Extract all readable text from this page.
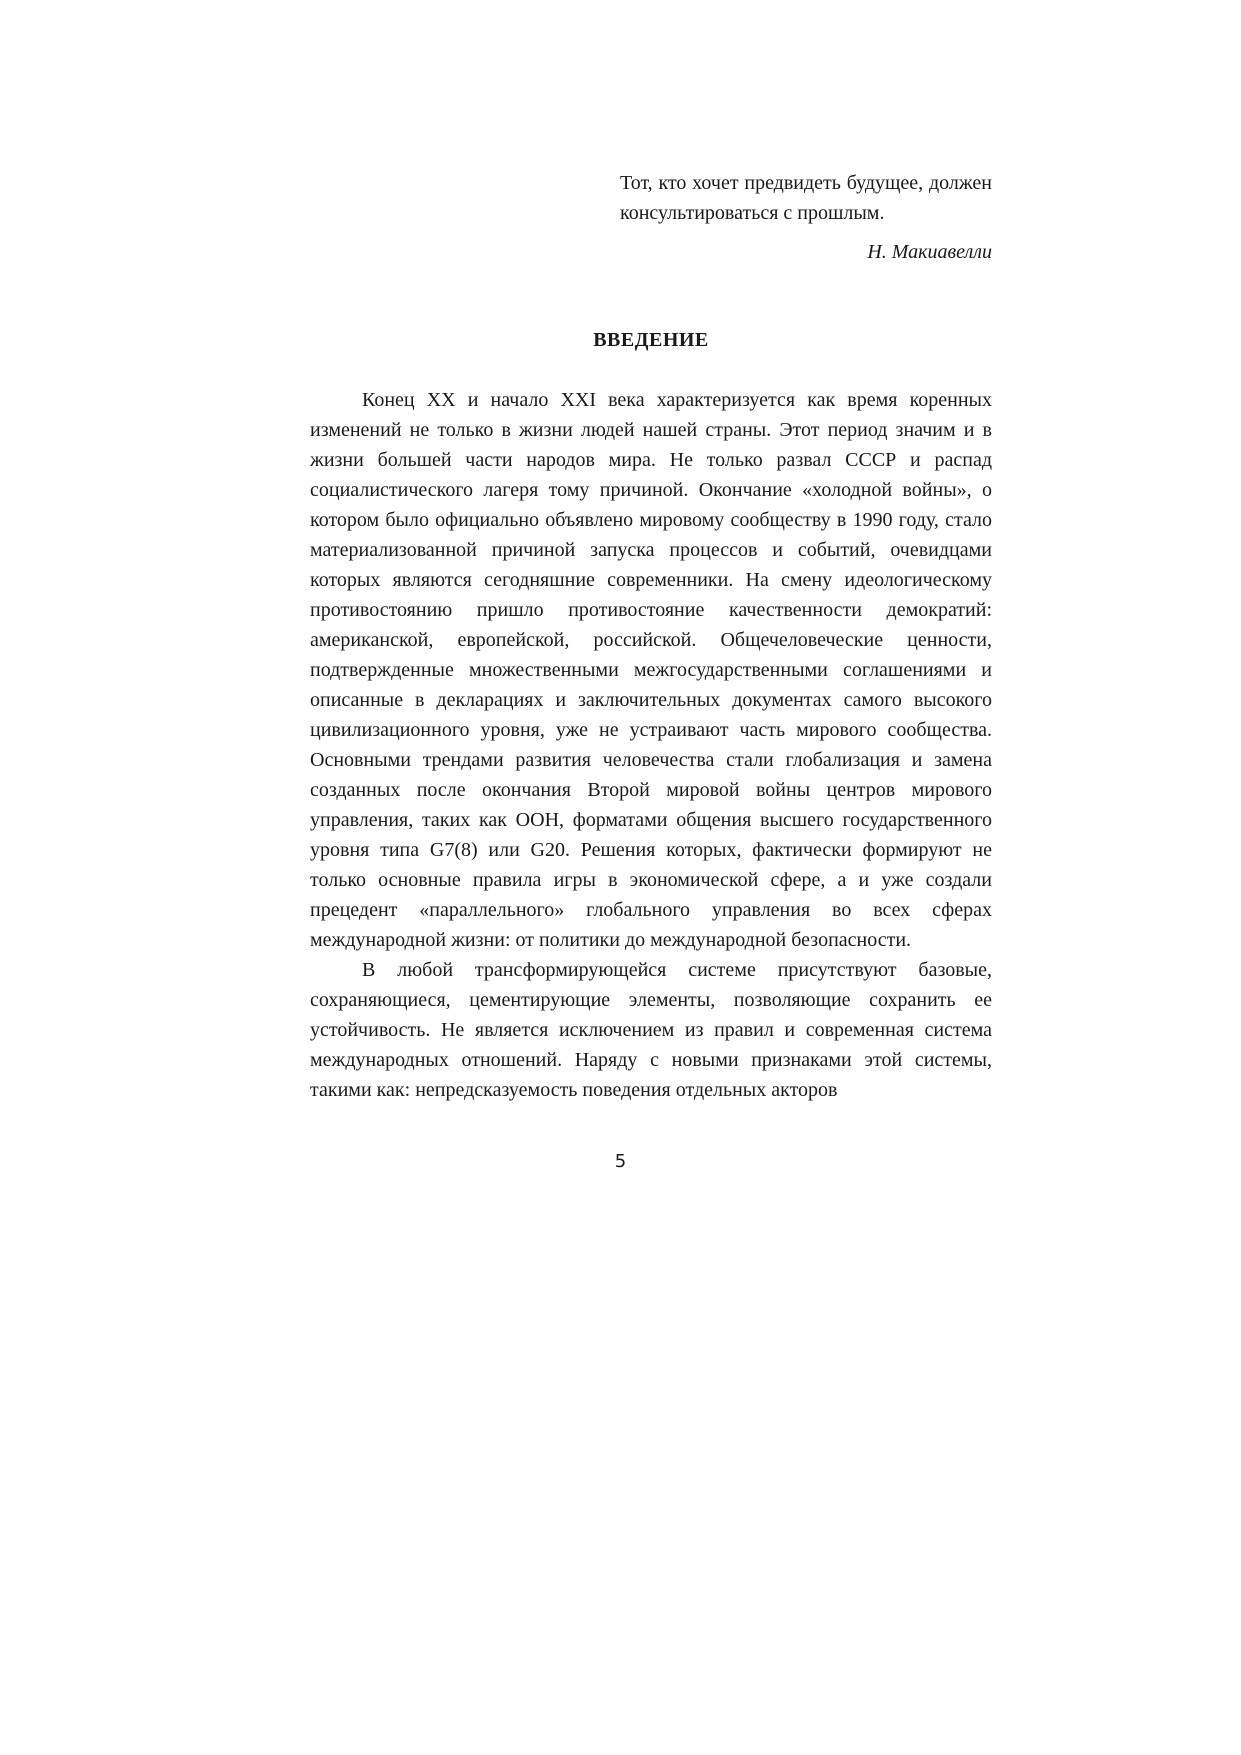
Тот, кто хочет предвидеть будущее, должен консультироваться с прошлым.

Н. Макиавелли

ВВЕДЕНИЕ

Конец XX и начало XXI века характеризуется как время коренных изменений не только в жизни людей нашей страны. Этот период значим и в жизни большей части народов мира. Не только развал СССР и распад социалистического лагеря тому причиной. Окончание «холодной войны», о котором было официально объявлено мировому сообществу в 1990 году, стало материализованной причиной запуска процессов и событий, очевидцами которых являются сегодняшние современники. На смену идеологическому противостоянию пришло противостояние качественности демократий: американской, европейской, российской. Общечеловеческие ценности, подтвержденные множественными межгосударственными соглашениями и описанные в декларациях и заключительных документах самого высокого цивилизационного уровня, уже не устраивают часть мирового сообщества. Основными трендами развития человечества стали глобализация и замена созданных после окончания Второй мировой войны центров мирового управления, таких как ООН, форматами общения высшего государственного уровня типа G7(8) или G20. Решения которых, фактически формируют не только основные правила игры в экономической сфере, а и уже создали прецедент «параллельного» глобального управления во всех сферах международной жизни: от политики до международной безопасности.

В любой трансформирующейся системе присутствуют базовые, сохраняющиеся, цементирующие элементы, позволяющие сохранить ее устойчивость. Не является исключением из правил и современная система международных отношений. Наряду с новыми признаками этой системы, такими как: непредсказуемость поведения отдельных акторов

5
